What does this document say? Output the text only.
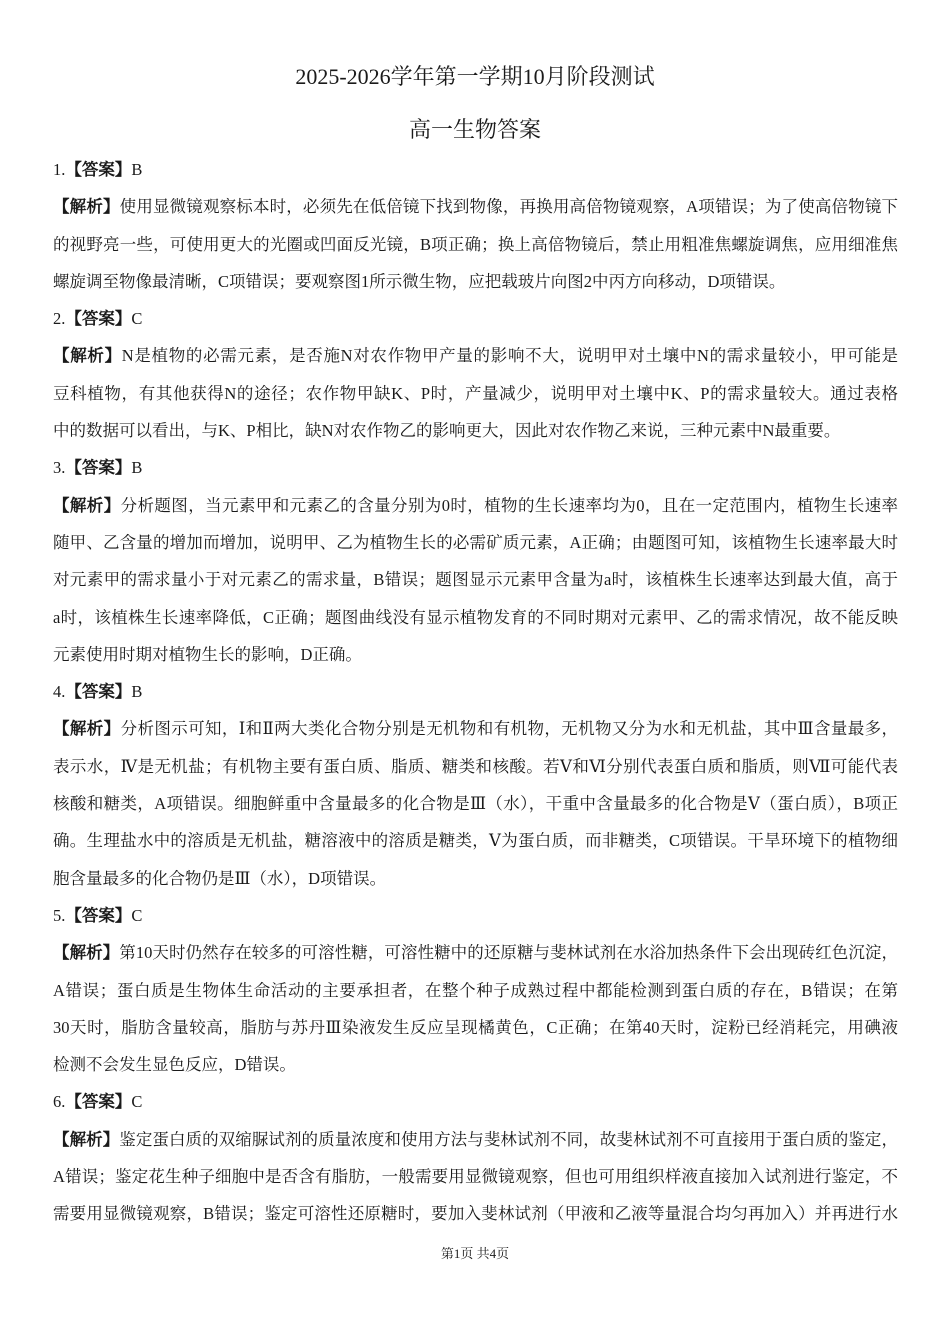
2025-2026学年第一学期10月阶段测试
高一生物答案
1.【答案】B
【解析】使用显微镜观察标本时，必须先在低倍镜下找到物像，再换用高倍物镜观察，A项错误；为了使高倍物镜下
的视野亮一些，可使用更大的光圈或凹面反光镜，B项正确；换上高倍物镜后，禁止用粗准焦螺旋调焦，应用细准焦
螺旋调至物像最清晰，C项错误；要观察图1所示微生物，应把载玻片向图2中丙方向移动，D项错误。
2.【答案】C
【解析】N是植物的必需元素，是否施N对农作物甲产量的影响不大，说明甲对土壤中N的需求量较小，甲可能是
豆科植物，有其他获得N的途径；农作物甲缺K、P时，产量减少，说明甲对土壤中K、P的需求量较大。通过表格
中的数据可以看出，与K、P相比，缺N对农作物乙的影响更大，因此对农作物乙来说，三种元素中N最重要。
3.【答案】B
【解析】分析题图，当元素甲和元素乙的含量分别为0时，植物的生长速率均为0，且在一定范围内，植物生长速率
随甲、乙含量的增加而增加，说明甲、乙为植物生长的必需矿质元素，A正确；由题图可知，该植物生长速率最大时
对元素甲的需求量小于对元素乙的需求量，B错误；题图显示元素甲含量为a时，该植株生长速率达到最大值，高于
a时，该植株生长速率降低，C正确；题图曲线没有显示植物发育的不同时期对元素甲、乙的需求情况，故不能反映
元素使用时期对植物生长的影响，D正确。
4.【答案】B
【解析】分析图示可知，Ⅰ和Ⅱ两大类化合物分别是无机物和有机物，无机物又分为水和无机盐，其中Ⅲ含量最多，
表示水，Ⅳ是无机盐；有机物主要有蛋白质、脂质、糖类和核酸。若Ⅴ和Ⅵ分别代表蛋白质和脂质，则Ⅶ可能代表
核酸和糖类，A项错误。细胞鲜重中含量最多的化合物是Ⅲ（水），干重中含量最多的化合物是Ⅴ（蛋白质），B项正
确。生理盐水中的溶质是无机盐，糖溶液中的溶质是糖类，Ⅴ为蛋白质，而非糖类，C项错误。干旱环境下的植物细
胞含量最多的化合物仍是Ⅲ（水），D项错误。
5.【答案】C
【解析】第10天时仍然存在较多的可溶性糖，可溶性糖中的还原糖与斐林试剂在水浴加热条件下会出现砖红色沉淀，
A错误；蛋白质是生物体生命活动的主要承担者，在整个种子成熟过程中都能检测到蛋白质的存在，B错误；在第
30天时，脂肪含量较高，脂肪与苏丹Ⅲ染液发生反应呈现橘黄色，C正确；在第40天时，淀粉已经消耗完，用碘液
检测不会发生显色反应，D错误。
6.【答案】C
【解析】鉴定蛋白质的双缩脲试剂的质量浓度和使用方法与斐林试剂不同，故斐林试剂不可直接用于蛋白质的鉴定，
A错误；鉴定花生种子细胞中是否含有脂肪，一般需要用显微镜观察，但也可用组织样液直接加入试剂进行鉴定，不
需要用显微镜观察，B错误；鉴定可溶性还原糖时，要加入斐林试剂（甲液和乙液等量混合均匀再加入）并再进行水
第1页 共4页
